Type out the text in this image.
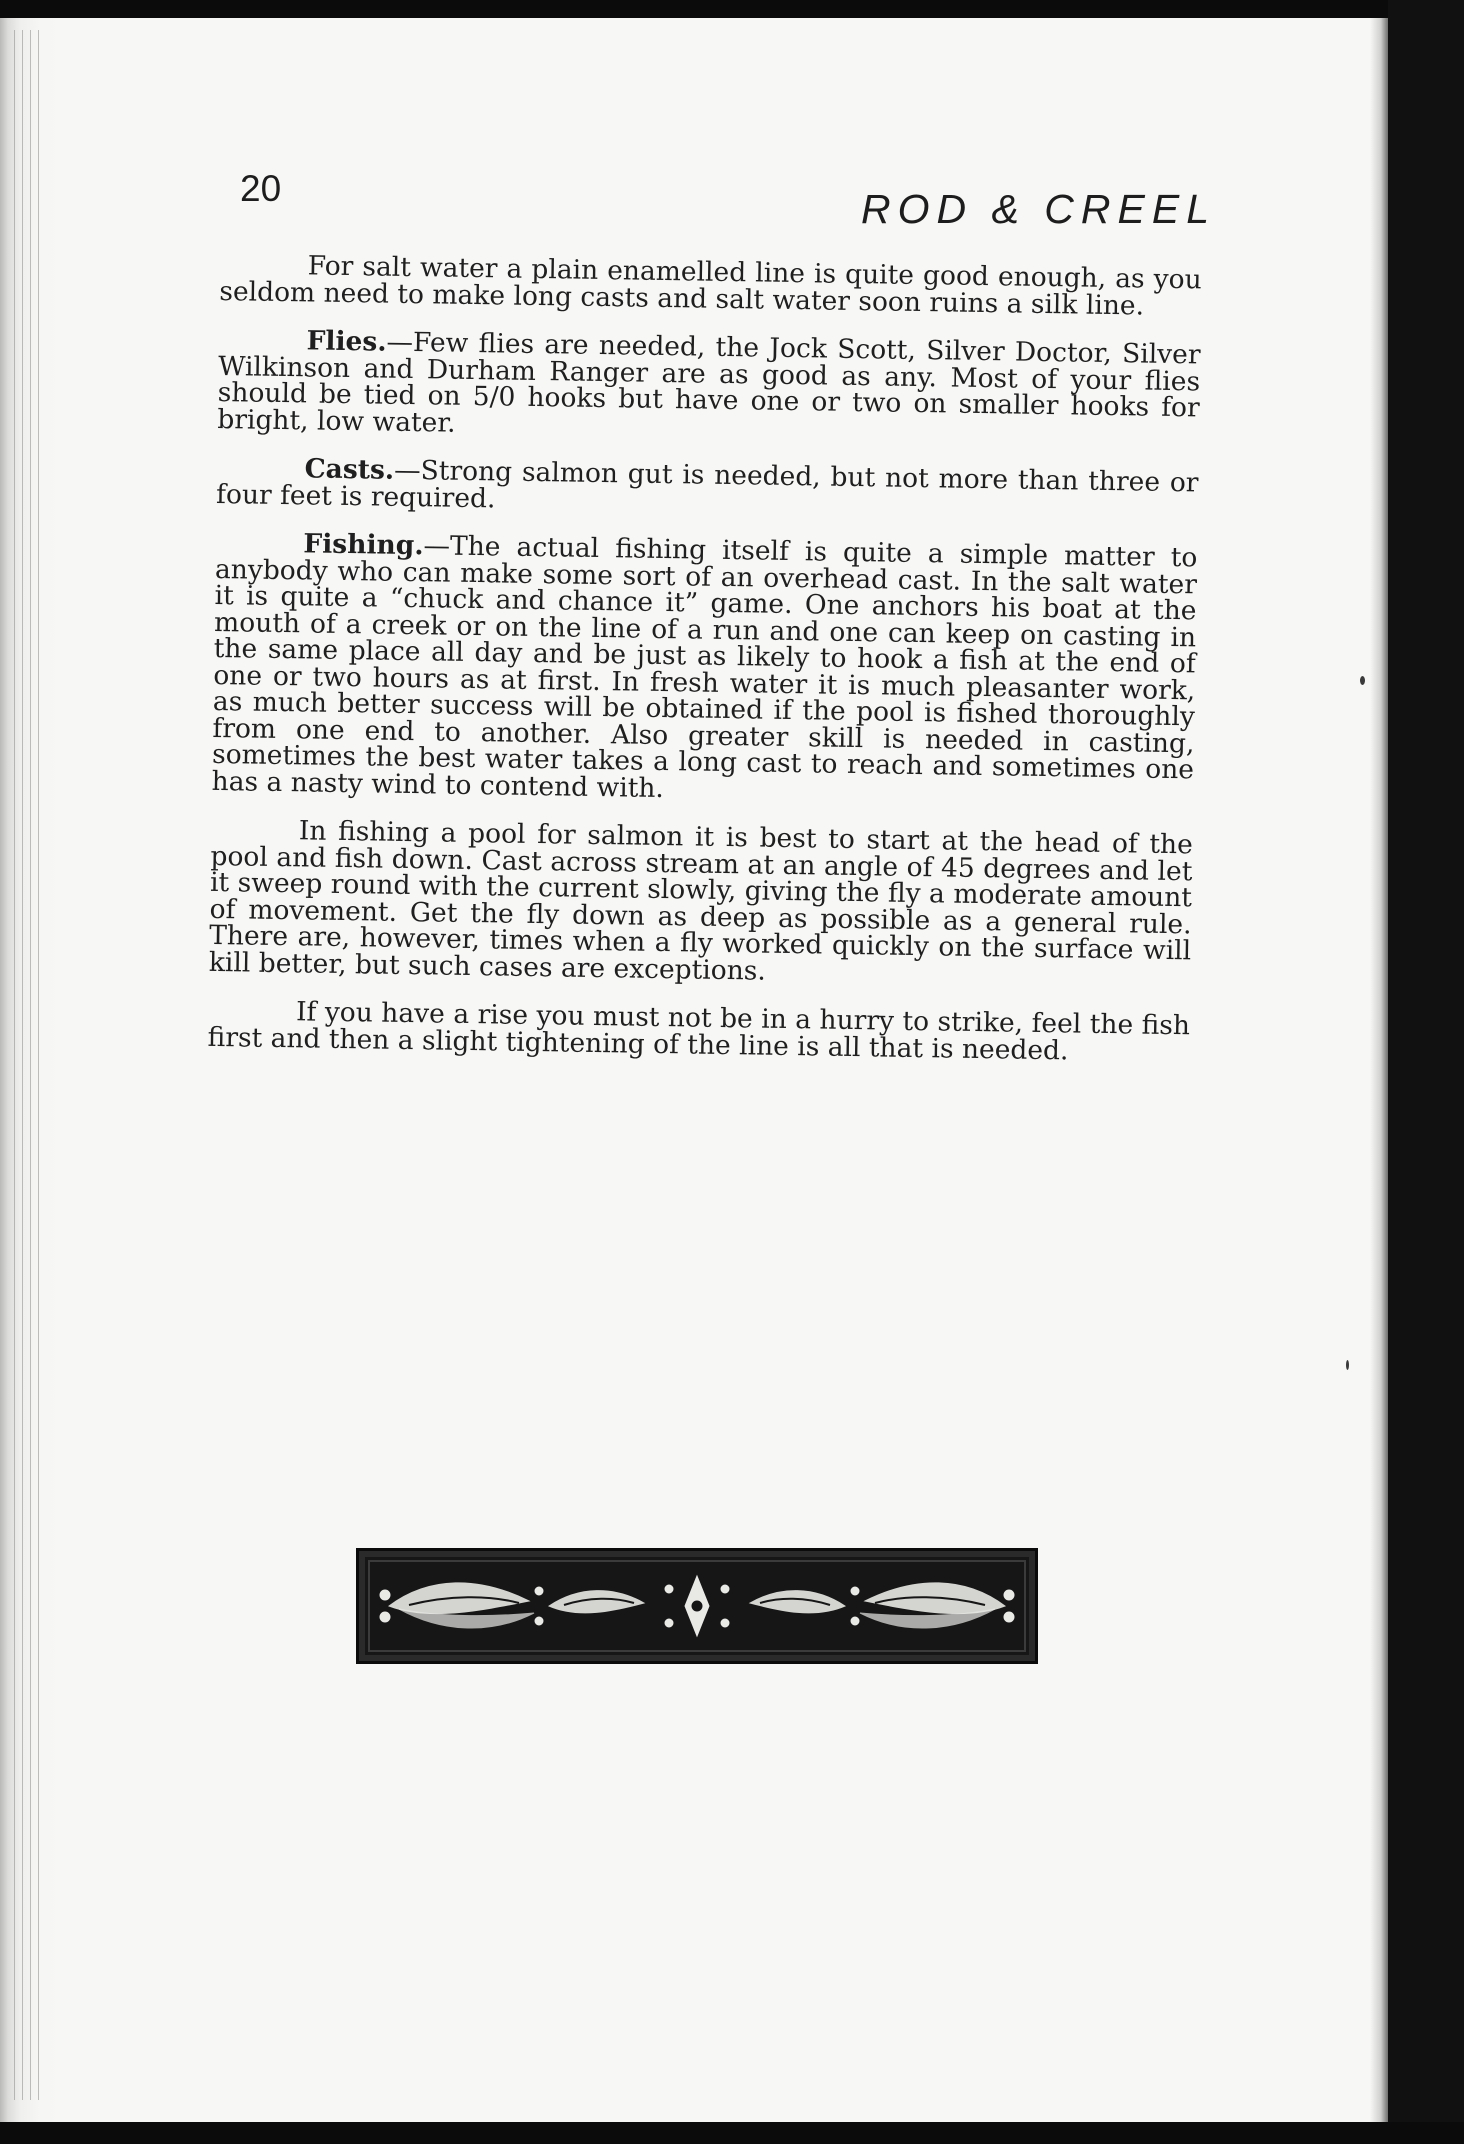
20	ROD & CREEL

For salt water a plain enamelled line is quite good enough, as you seldom need to make long casts and salt water soon ruins a silk line.

Flies.—Few flies are needed, the Jock Scott, Silver Doctor, Silver Wilkinson and Durham Ranger are as good as any. Most of your flies should be tied on 5/0 hooks but have one or two on smaller hooks for bright, low water.

Casts.—Strong salmon gut is needed, but not more than three or four feet is required.

Fishing.—The actual fishing itself is quite a simple matter to anybody who can make some sort of an overhead cast. In the salt water it is quite a “chuck and chance it” game. One anchors his boat at the mouth of a creek or on the line of a run and one can keep on casting in the same place all day and be just as likely to hook a fish at the end of one or two hours as at first. In fresh water it is much pleasanter work, as much better success will be obtained if the pool is fished thoroughly from one end to another. Also greater skill is needed in casting, sometimes the best water takes a long cast to reach and sometimes one has a nasty wind to contend with.

In fishing a pool for salmon it is best to start at the head of the pool and fish down. Cast across stream at an angle of 45 degrees and let it sweep round with the current slowly, giving the fly a moderate amount of movement. Get the fly down as deep as possible as a general rule. There are, however, times when a fly worked quickly on the surface will kill better, but such cases are exceptions.

If you have a rise you must not be in a hurry to strike, feel the fish first and then a slight tightening of the line is all that is needed.
